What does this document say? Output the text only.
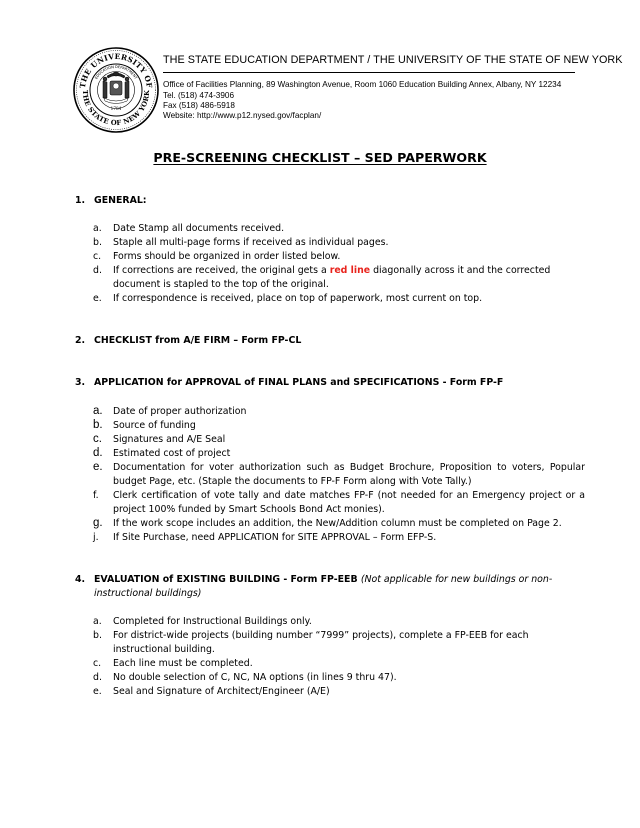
THE UNIVERSITY OF
THE STATE OF NEW YORK
EDUCATION DEPARTMENT
1784
THE STATE EDUCATION DEPARTMENT / THE UNIVERSITY OF THE STATE OF NEW YORK
Office of Facilities Planning, 89 Washington Avenue, Room 1060 Education Building Annex, Albany, NY 12234
Tel. (518) 474-3906
Fax (518) 486-5918
Website: http://www.p12.nysed.gov/facplan/
PRE-SCREENING CHECKLIST – SED PAPERWORK
1. GENERAL:
a. Date Stamp all documents received.
b. Staple all multi-page forms if received as individual pages.
c. Forms should be organized in order listed below.
d. If corrections are received, the original gets a red line diagonally across it and the corrected document is stapled to the top of the original.
e. If correspondence is received, place on top of paperwork, most current on top.
2. CHECKLIST from A/E FIRM – Form FP-CL
3. APPLICATION for APPROVAL of FINAL PLANS and SPECIFICATIONS - Form FP-F
a. Date of proper authorization
b. Source of funding
c. Signatures and A/E Seal
d. Estimated cost of project
e. Documentation for voter authorization such as Budget Brochure, Proposition to voters, Popular budget Page, etc. (Staple the documents to FP-F Form along with Vote Tally.)
f. Clerk certification of vote tally and date matches FP-F (not needed for an Emergency project or a project 100% funded by Smart Schools Bond Act monies).
g. If the work scope includes an addition, the New/Addition column must be completed on Page 2.
j. If Site Purchase, need APPLICATION for SITE APPROVAL – Form EFP-S.
4. EVALUATION of EXISTING BUILDING - Form FP-EEB (Not applicable for new buildings or non-instructional buildings)
a. Completed for Instructional Buildings only.
b. For district-wide projects (building number “7999” projects), complete a FP-EEB for each instructional building.
c. Each line must be completed.
d. No double selection of C, NC, NA options (in lines 9 thru 47).
e. Seal and Signature of Architect/Engineer (A/E)
